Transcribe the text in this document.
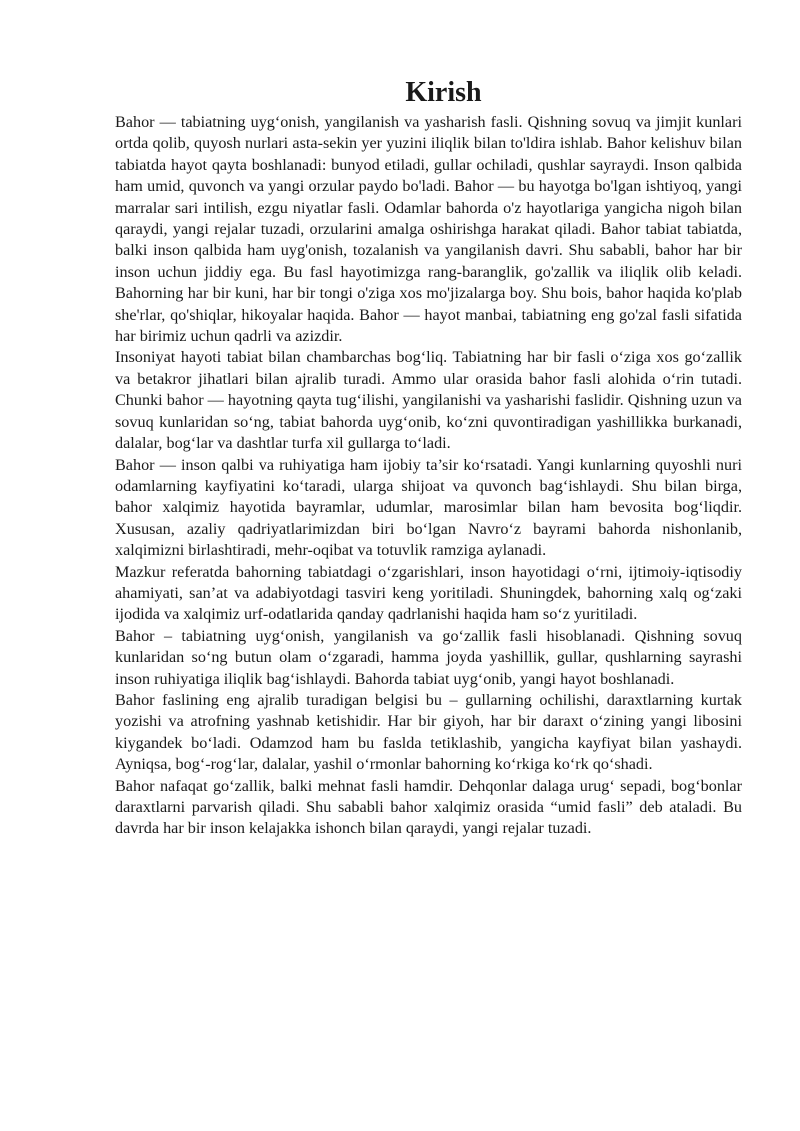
Kirish

Bahor — tabiatning uyg‘onish, yangilanish va yasharish fasli. Qishning sovuq va jimjit kunlari ortda qolib, quyosh nurlari asta-sekin yer yuzini iliqlik bilan to'ldira ishlab. Bahor kelishuv bilan tabiatda hayot qayta boshlanadi: bunyod etiladi, gullar ochiladi, qushlar sayraydi. Inson qalbida ham umid, quvonch va yangi orzular paydo bo'ladi. Bahor — bu hayotga bo'lgan ishtiyoq, yangi marralar sari intilish, ezgu niyatlar fasli. Odamlar bahorda o'z hayotlariga yangicha nigoh bilan qaraydi, yangi rejalar tuzadi, orzularini amalga oshirishga harakat qiladi. Bahor tabiat tabiatda, balki inson qalbida ham uyg'onish, tozalanish va yangilanish davri. Shu sababli, bahor har bir inson uchun jiddiy ega. Bu fasl hayotimizga rang-baranglik, go'zallik va iliqlik olib keladi. Bahorning har bir kuni, har bir tongi o'ziga xos mo'jizalarga boy. Shu bois, bahor haqida ko'plab she'rlar, qo'shiqlar, hikoyalar haqida. Bahor — hayot manbai, tabiatning eng go'zal fasli sifatida har birimiz uchun qadrli va azizdir.

Insoniyat hayoti tabiat bilan chambarchas bog‘liq. Tabiatning har bir fasli o‘ziga xos go‘zallik va betakror jihatlari bilan ajralib turadi. Ammo ular orasida bahor fasli alohida o‘rin tutadi. Chunki bahor — hayotning qayta tug‘ilishi, yangilanishi va yasharishi faslidir. Qishning uzun va sovuq kunlaridan so‘ng, tabiat bahorda uyg‘onib, ko‘zni quvontiradigan yashillikka burkanadi, dalalar, bog‘lar va dashtlar turfa xil gullarga to‘ladi.

Bahor — inson qalbi va ruhiyatiga ham ijobiy ta’sir ko‘rsatadi. Yangi kunlarning quyoshli nuri odamlarning kayfiyatini ko‘taradi, ularga shijoat va quvonch bag‘ishlaydi. Shu bilan birga, bahor xalqimiz hayotida bayramlar, udumlar, marosimlar bilan ham bevosita bog‘liqdir. Xususan, azaliy qadriyatlarimizdan biri bo‘lgan Navro‘z bayrami bahorda nishonlanib, xalqimizni birlashtiradi, mehr-oqibat va totuvlik ramziga aylanadi.

Mazkur referatda bahorning tabiatdagi o‘zgarishlari, inson hayotidagi o‘rni, ijtimoiy-iqtisodiy ahamiyati, san’at va adabiyotdagi tasviri keng yoritiladi. Shuningdek, bahorning xalq og‘zaki ijodida va xalqimiz urf-odatlarida qanday qadrlanishi haqida ham so‘z yuritiladi.

Bahor – tabiatning uyg‘onish, yangilanish va go‘zallik fasli hisoblanadi. Qishning sovuq kunlaridan so‘ng butun olam o‘zgaradi, hamma joyda yashillik, gullar, qushlarning sayrashi inson ruhiyatiga iliqlik bag‘ishlaydi. Bahorda tabiat uyg‘onib, yangi hayot boshlanadi.

Bahor faslining eng ajralib turadigan belgisi bu – gullarning ochilishi, daraxtlarning kurtak yozishi va atrofning yashnab ketishidir. Har bir giyoh, har bir daraxt o‘zining yangi libosini kiygandek bo‘ladi. Odamzod ham bu faslda tetiklashib, yangicha kayfiyat bilan yashaydi. Ayniqsa, bog‘-rog‘lar, dalalar, yashil o‘rmonlar bahorning ko‘rkiga ko‘rk qo‘shadi.

Bahor nafaqat go‘zallik, balki mehnat fasli hamdir. Dehqonlar dalaga urug‘ sepadi, bog‘bonlar daraxtlarni parvarish qiladi. Shu sababli bahor xalqimiz orasida “umid fasli” deb ataladi. Bu davrda har bir inson kelajakka ishonch bilan qaraydi, yangi rejalar tuzadi.
